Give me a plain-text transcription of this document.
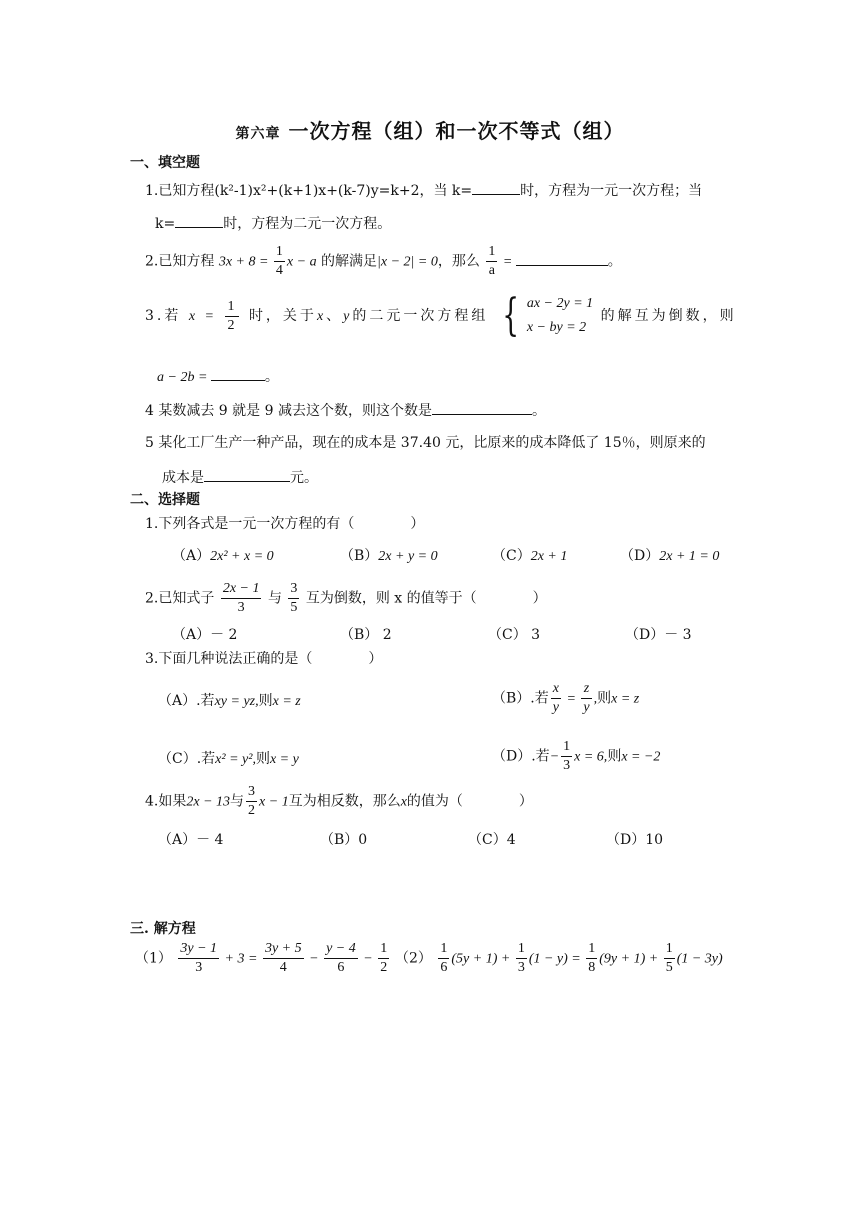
第六章 一次方程（组）和一次不等式（组）
一、填空题
1.已知方程(k²-1)x²+(k+1)x+(k-7)y=k+2，当 k=	时，方程为一元一次方程；当
k=	时，方程为二元一次方程。
2.已知方程 $3x + 8 = \frac{1}{4}$ x − a 的解满足|x − 2| = 0，那么 $\frac{1}{a}$ =	。
3.若 $x = \frac{1}{2}$ 时，关于x、y的二元一次方程组 { ax − 2y = 1
x − by = 2 的解互为倒数，则
a − 2b =	。
4 某数减去 9 就是 9 减去这个数，则这个数是	。
5 某化工厂生产一种产品，现在的成本是 37.40 元，比原来的成本降低了 15％，则原来的
成本是	元。
二、选择题
1.下列各式是一元一次方程的有（　　　　）
（A）2x² + x = 0	（B）2x + y = 0	（C）2x + 1	（D）2x + 1 = 0
2.已知式子 $\frac{2x - 1}{3}$ 与 $\frac{3}{5}$ 互为倒数，则 x 的值等于（　　　　）
（A）－ 2	（B） 2	（C） 3	（D）－ 3
3.下面几种说法正确的是（　　　　）
（A）.若xy = yz,则x = z	（B）.若 $\frac{x}{y} = \frac{z}{y}$ ,则x = z
（C）.若x² = y²,则x = y	（D）.若− $\frac{1}{3}$ x = 6,则x = −2
4.如果2x − 13与 $\frac{3}{2}$ x − 1互为相反数，那么x的值为（　　　　）
（A）－ 4	（B）0	（C）4	（D）10
三. 解方程
$(1) \frac{3y - 1}{3} + 3 = \frac{3y + 5}{4} - \frac{y - 4}{6} - \frac{1}{2} (2) \frac{1}{6} (5y + 1) + \frac{1}{3} (1 - y) = \frac{1}{8} (9y + 1) + \frac{1}{5} (1 - 3y)$
